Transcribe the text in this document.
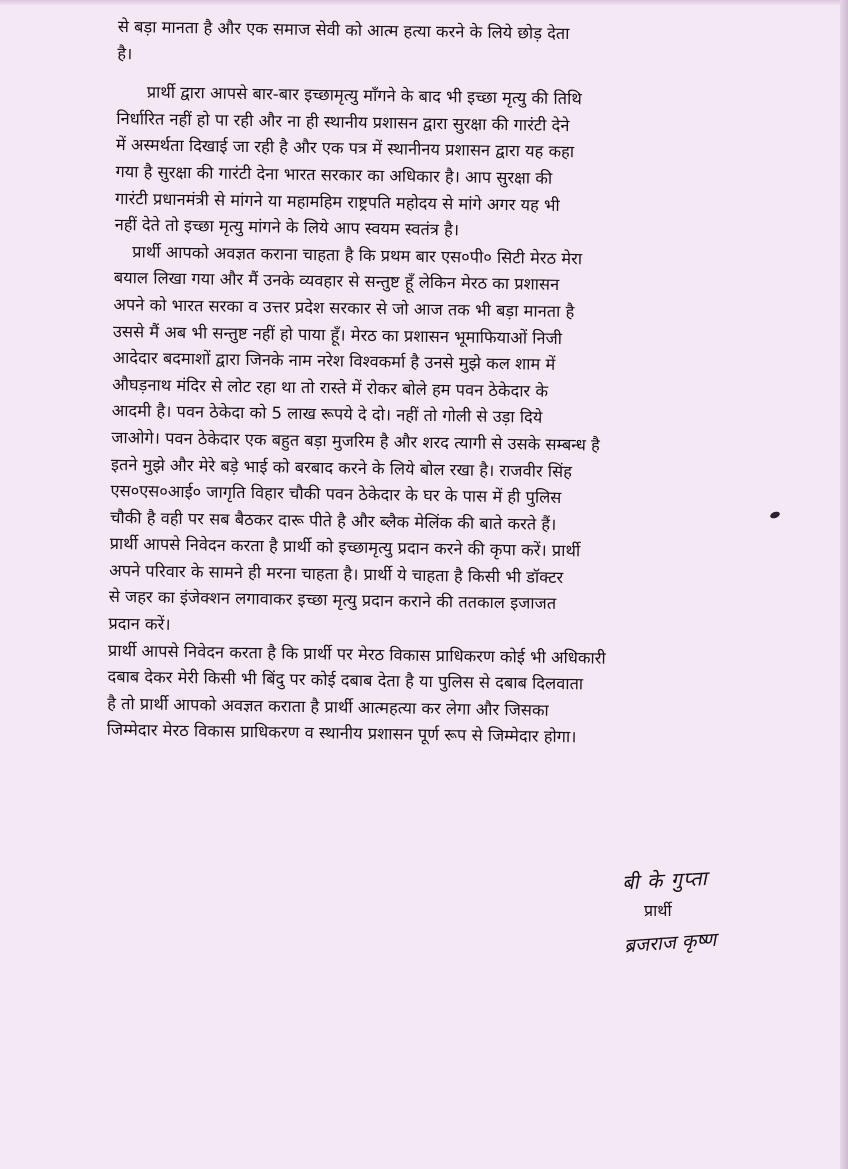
से बड़ा मानता है और एक समाज सेवी को आत्म हत्या करने के लिये छोड़ देता
है।
प्रार्थी द्वारा आपसे बार-बार इच्छामृत्यु माँगने के बाद भी इच्छा मृत्यु की तिथि
निर्धारित नहीं हो पा रही और ना ही स्थानीय प्रशासन द्वारा सुरक्षा की गारंटी देने
में अस्मर्थता दिखाई जा रही है और एक पत्र में स्थानीनय प्रशासन द्वारा यह कहा
गया है सुरक्षा की गारंटी देना भारत सरकार का अधिकार है। आप सुरक्षा की
गारंटी प्रधानमंत्री से मांगने या महामहिम राष्ट्रपति महोदय से मांगे अगर यह भी
नहीं देते तो इच्छा मृत्यु मांगने के लिये आप स्वयम स्वतंत्र है।
प्रार्थी आपको अवज्ञत कराना चाहता है कि प्रथम बार एस०पी० सिटी मेरठ मेरा
बयाल लिखा गया और मैं उनके व्यवहार से सन्तुष्ट हूँ लेकिन मेरठ का प्रशासन
अपने को भारत सरका व उत्तर प्रदेश सरकार से जो आज तक भी बड़ा मानता है
उससे मैं अब भी सन्तुष्ट नहीं हो पाया हूँ। मेरठ का प्रशासन भूमाफियाओं निजी
आदेदार बदमाशों द्वारा जिनके नाम नरेश विश्वकर्मा है उनसे मुझे कल शाम में
औघड़नाथ मंदिर से लोट रहा था तो रास्ते में रोकर बोले हम पवन ठेकेदार के
आदमी है। पवन ठेकेदा को 5 लाख रूपये दे दो। नहीं तो गोली से उड़ा दिये
जाओगे। पवन ठेकेदार एक बहुत बड़ा मुजरिम है और शरद त्यागी से उसके सम्बन्ध है
इतने मुझे और मेरे बड़े भाई को बरबाद करने के लिये बोल रखा है। राजवीर सिंह
एस०एस०आई० जागृति विहार चौकी पवन ठेकेदार के घर के पास में ही पुलिस
चौकी है वही पर सब बैठकर दारू पीते है और ब्लैक मेलिंक की बाते करते हैं।
प्रार्थी आपसे निवेदन करता है प्रार्थी को इच्छामृत्यु प्रदान करने की कृपा करें। प्रार्थी
अपने परिवार के सामने ही मरना चाहता है। प्रार्थी ये चाहता है किसी भी डॉक्टर
से जहर का इंजेक्शन लगावाकर इच्छा मृत्यु प्रदान कराने की ततकाल इजाजत
प्रदान करें।
प्रार्थी आपसे निवेदन करता है कि प्रार्थी पर मेरठ विकास प्राधिकरण कोई भी अधिकारी
दबाब देकर मेरी किसी भी बिंदु पर कोई दबाब देता है या पुलिस से दबाब दिलवाता
है तो प्रार्थी आपको अवज्ञत कराता है प्रार्थी आत्महत्या कर लेगा और जिसका
जिम्मेदार मेरठ विकास प्राधिकरण व स्थानीय प्रशासन पूर्ण रूप से जिम्मेदार होगा।
बी के गुप्ता
प्रार्थी
ब्रजराज कृष्ण
